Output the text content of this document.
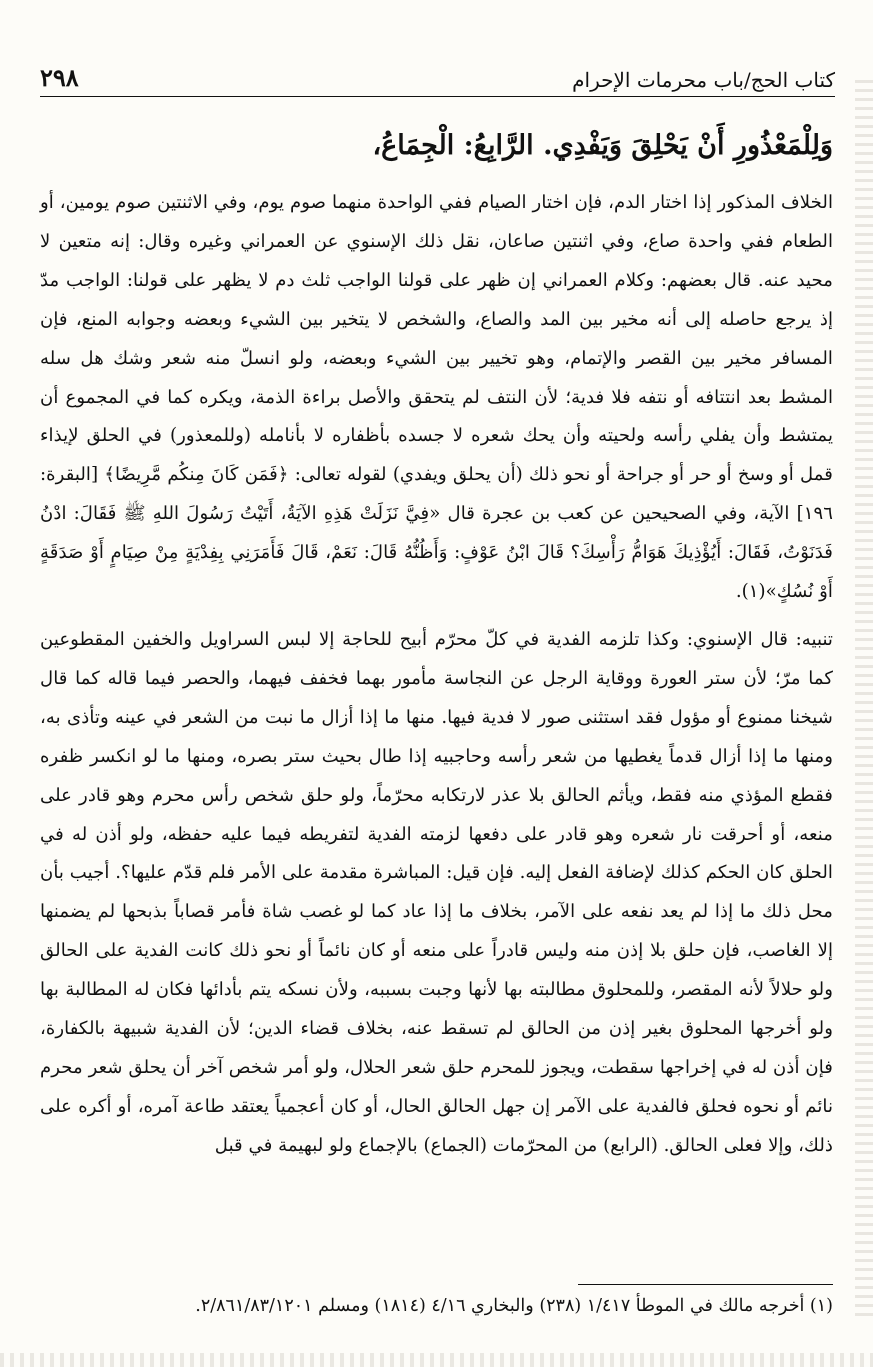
كتاب الحج/باب محرمات الإحرام
٢٩٨
وَلِلْمَعْذُورِ أَنْ يَحْلِقَ وَيَفْدِي. الرَّابِعُ: الْجِمَاعُ،

الخلاف المذكور إذا اختار الدم، فإن اختار الصيام ففي الواحدة منهما صوم يوم، وفي الاثنتين صوم يومين، أو الطعام ففي واحدة صاع، وفي اثنتين صاعان، نقل ذلك الإسنوي عن العمراني وغيره وقال: إنه متعين لا محيد عنه. قال بعضهم: وكلام العمراني إن ظهر على قولنا الواجب ثلث دم لا يظهر على قولنا: الواجب مدّ إذ يرجع حاصله إلى أنه مخير بين المد والصاع، والشخص لا يتخير بين الشيء وبعضه وجوابه المنع، فإن المسافر مخير بين القصر والإتمام، وهو تخيير بين الشيء وبعضه، ولو انسلّ منه شعر وشك هل سله المشط بعد انتتافه أو نتفه فلا فدية؛ لأن النتف لم يتحقق والأصل براءة الذمة، ويكره كما في المجموع أن يمتشط وأن يفلي رأسه ولحيته وأن يحك شعره لا جسده بأظفاره لا بأنامله (وللمعذور) في الحلق لإيذاء قمل أو وسخ أو حر أو جراحة أو نحو ذلك (أن يحلق ويفدي) لقوله تعالى: ﴿فَمَن كَانَ مِنكُم مَّرِيضًا﴾ [البقرة: ١٩٦] الآية، وفي الصحيحين عن كعب بن عجرة قال «فِيَّ نَزَلَتْ هَذِهِ الآيَةُ، أَتَيْتُ رَسُولَ اللهِ ﷺ فَقَالَ: ادْنُ فَدَنَوْتُ، فَقَالَ: أَيُؤْذِيكَ هَوَامُّ رَأْسِكَ؟ قَالَ ابْنُ عَوْفٍ: وَأَظُنُّهُ قَالَ: نَعَمْ، قَالَ فَأَمَرَنِي بِفِدْيَةٍ مِنْ صِيَامٍ أَوْ صَدَقَةٍ أَوْ نُسُكٍ»(١).

تنبيه: قال الإسنوي: وكذا تلزمه الفدية في كلّ محرّم أبيح للحاجة إلا لبس السراويل والخفين المقطوعين كما مرّ؛ لأن ستر العورة ووقاية الرجل عن النجاسة مأمور بهما فخفف فيهما، والحصر فيما قاله كما قال شيخنا ممنوع أو مؤول فقد استثنى صور لا فدية فيها. منها ما إذا أزال ما نبت من الشعر في عينه وتأذى به، ومنها ما إذا أزال قدماً يغطيها من شعر رأسه وحاجبيه إذا طال بحيث ستر بصره، ومنها ما لو انكسر ظفره فقطع المؤذي منه فقط، ويأثم الحالق بلا عذر لارتكابه محرّماً، ولو حلق شخص رأس محرم وهو قادر على منعه، أو أحرقت نار شعره وهو قادر على دفعها لزمته الفدية لتفريطه فيما عليه حفظه، ولو أذن له في الحلق كان الحكم كذلك لإضافة الفعل إليه. فإن قيل: المباشرة مقدمة على الأمر فلم قدّم عليها؟. أجيب بأن محل ذلك ما إذا لم يعد نفعه على الآمر، بخلاف ما إذا عاد كما لو غصب شاة فأمر قصاباً بذبحها لم يضمنها إلا الغاصب، فإن حلق بلا إذن منه وليس قادراً على منعه أو كان نائماً أو نحو ذلك كانت الفدية على الحالق ولو حلالاً لأنه المقصر، وللمحلوق مطالبته بها لأنها وجبت بسببه، ولأن نسكه يتم بأدائها فكان له المطالبة بها ولو أخرجها المحلوق بغير إذن من الحالق لم تسقط عنه، بخلاف قضاء الدين؛ لأن الفدية شبيهة بالكفارة، فإن أذن له في إخراجها سقطت، ويجوز للمحرم حلق شعر الحلال، ولو أمر شخص آخر أن يحلق شعر محرم نائم أو نحوه فحلق فالفدية على الآمر إن جهل الحالق الحال، أو كان أعجمياً يعتقد طاعة آمره، أو أكره على ذلك، وإلا فعلى الحالق. (الرابع) من المحرّمات (الجماع) بالإجماع ولو لبهيمة في قبل

(١) أخرجه مالك في الموطأ ١/٤١٧ (٢٣٨) والبخاري ٤/١٦ (١٨١٤) ومسلم ٢/٨٦١/٨٣/١٢٠١.
